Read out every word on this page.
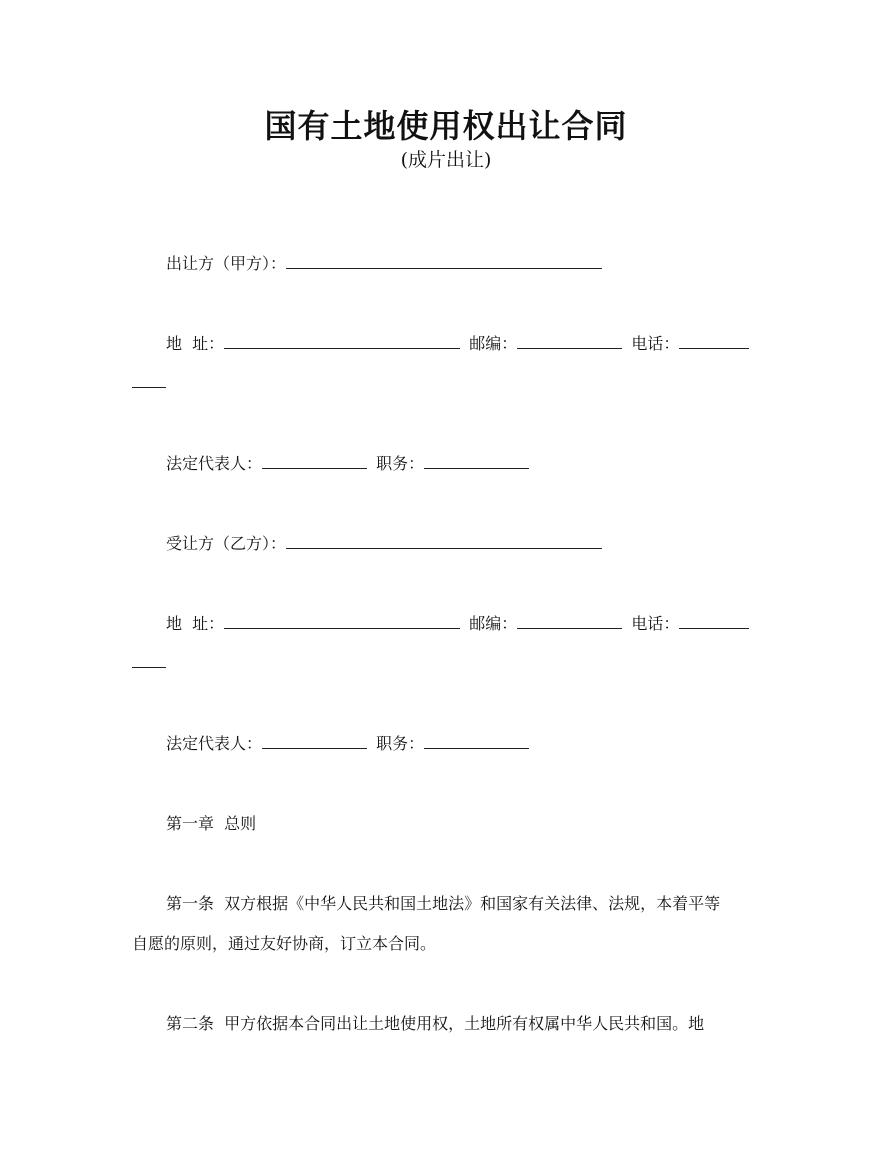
国有土地使用权出让合同
(成片出让)
出让方（甲方）：
地  址：	邮编：	电话：
法定代表人：	职务：
受让方（乙方）：
地  址：	邮编：	电话：
法定代表人：	职务：
第一章  总则
第一条  双方根据《中华人民共和国土地法》和国家有关法律、法规，本着平等
自愿的原则，通过友好协商，订立本合同。
第二条  甲方依据本合同出让土地使用权，土地所有权属中华人民共和国。地
